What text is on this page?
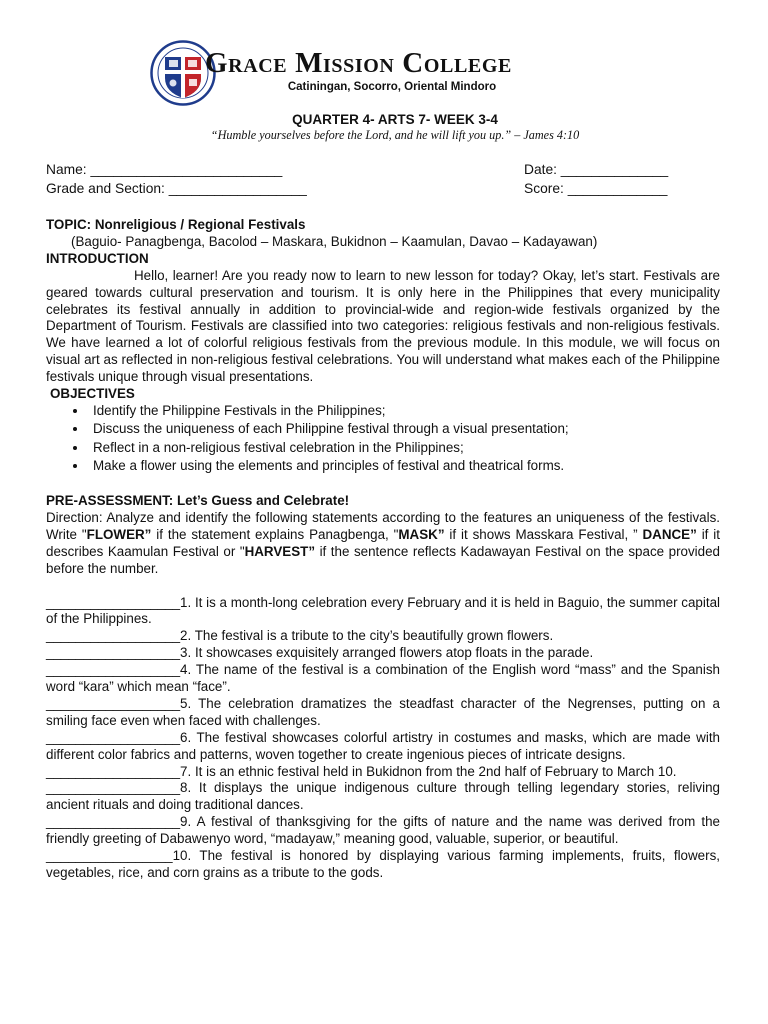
Grace Mission College
Catiningan, Socorro, Oriental Mindoro
QUARTER 4- ARTS 7- WEEK 3-4
“Humble yourselves before the Lord, and he will lift you up.” – James 4:10
Name: _________________________	Date: ______________
Grade and Section: __________________	Score: _____________

TOPIC: Nonreligious / Regional Festivals

(Baguio- Panagbenga, Bacolod – Maskara, Bukidnon – Kaamulan, Davao – Kadayawan)

INTRODUCTION

Hello, learner! Are you ready now to learn to new lesson for today? Okay, let’s start. Festivals are geared towards cultural preservation and tourism. It is only here in the Philippines that every municipality celebrates its festival annually in addition to provincial-wide and region-wide festivals organized by the Department of Tourism. Festivals are classified into two categories: religious festivals and non-religious festivals. We have learned a lot of colorful religious festivals from the previous module. In this module, we will focus on visual art as reflected in non-religious festival celebrations. You will understand what makes each of the Philippine festivals unique through visual presentations.

OBJECTIVES

• Identify the Philippine Festivals in the Philippines;
• Discuss the uniqueness of each Philippine festival through a visual presentation;
• Reflect in a non-religious festival celebration in the Philippines;
• Make a flower using the elements and principles of festival and theatrical forms.

PRE-ASSESSMENT: Let’s Guess and Celebrate!

Direction: Analyze and identify the following statements according to the features an uniqueness of the festivals. Write "FLOWER” if the statement explains Panagbenga, "MASK” if it shows Masskara Festival, ” DANCE” if it describes Kaamulan Festival or "HARVEST” if the sentence reflects Kadawayan Festival on the space provided before the number.

__________________1. It is a month-long celebration every February and it is held in Baguio, the summer capital of the Philippines.

__________________2. The festival is a tribute to the city’s beautifully grown flowers.

__________________3. It showcases exquisitely arranged flowers atop floats in the parade.

__________________4. The name of the festival is a combination of the English word “mass” and the Spanish word “kara” which mean “face”.

__________________5. The celebration dramatizes the steadfast character of the Negrenses, putting on a smiling face even when faced with challenges.

__________________6. The festival showcases colorful artistry in costumes and masks, which are made with different color fabrics and patterns, woven together to create ingenious pieces of intricate designs.

__________________7. It is an ethnic festival held in Bukidnon from the 2nd half of February to March 10.

__________________8. It displays the unique indigenous culture through telling legendary stories, reliving ancient rituals and doing traditional dances.

__________________9. A festival of thanksgiving for the gifts of nature and the name was derived from the friendly greeting of Dabawenyo word, “madayaw,” meaning good, valuable, superior, or beautiful.

_________________10. The festival is honored by displaying various farming implements, fruits, flowers, vegetables, rice, and corn grains as a tribute to the gods.
